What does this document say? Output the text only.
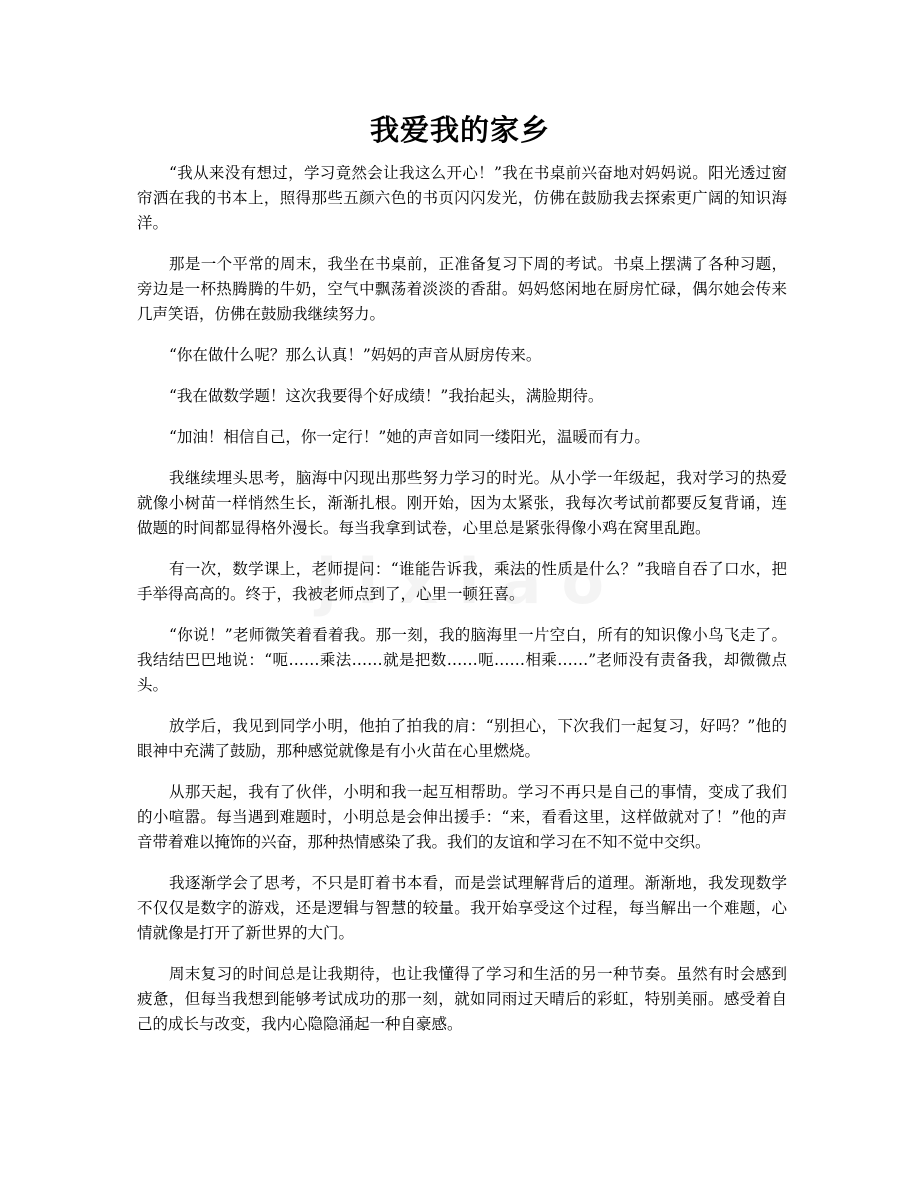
我爱我的家乡

“我从来没有想过，学习竟然会让我这么开心！”我在书桌前兴奋地对妈妈说。阳光透过窗帘洒在我的书本上，照得那些五颜六色的书页闪闪发光，仿佛在鼓励我去探索更广阔的知识海洋。

那是一个平常的周末，我坐在书桌前，正准备复习下周的考试。书桌上摆满了各种习题，旁边是一杯热腾腾的牛奶，空气中飘荡着淡淡的香甜。妈妈悠闲地在厨房忙碌，偶尔她会传来几声笑语，仿佛在鼓励我继续努力。

“你在做什么呢？那么认真！”妈妈的声音从厨房传来。

“我在做数学题！这次我要得个好成绩！”我抬起头，满脸期待。

“加油！相信自己，你一定行！”她的声音如同一缕阳光，温暖而有力。

我继续埋头思考，脑海中闪现出那些努力学习的时光。从小学一年级起，我对学习的热爱就像小树苗一样悄然生长，渐渐扎根。刚开始，因为太紧张，我每次考试前都要反复背诵，连做题的时间都显得格外漫长。每当我拿到试卷，心里总是紧张得像小鸡在窝里乱跑。

有一次，数学课上，老师提问：“谁能告诉我，乘法的性质是什么？”我暗自吞了口水，把手举得高高的。终于，我被老师点到了，心里一顿狂喜。

“你说！”老师微笑着看着我。那一刻，我的脑海里一片空白，所有的知识像小鸟飞走了。我结结巴巴地说：“呃……乘法……就是把数……呃……相乘……”老师没有责备我，却微微点头。

放学后，我见到同学小明，他拍了拍我的肩：“别担心，下次我们一起复习，好吗？”他的眼神中充满了鼓励，那种感觉就像是有小火苗在心里燃烧。

从那天起，我有了伙伴，小明和我一起互相帮助。学习不再只是自己的事情，变成了我们的小喧嚣。每当遇到难题时，小明总是会伸出援手：“来，看看这里，这样做就对了！”他的声音带着难以掩饰的兴奋，那种热情感染了我。我们的友谊和学习在不知不觉中交织。

我逐渐学会了思考，不只是盯着书本看，而是尝试理解背后的道理。渐渐地，我发现数学不仅仅是数字的游戏，还是逻辑与智慧的较量。我开始享受这个过程，每当解出一个难题，心情就像是打开了新世界的大门。

周末复习的时间总是让我期待，也让我懂得了学习和生活的另一种节奏。虽然有时会感到疲惫，但每当我想到能够考试成功的那一刻，就如同雨过天晴后的彩虹，特别美丽。感受着自己的成长与改变，我内心隐隐涌起一种自豪感。
